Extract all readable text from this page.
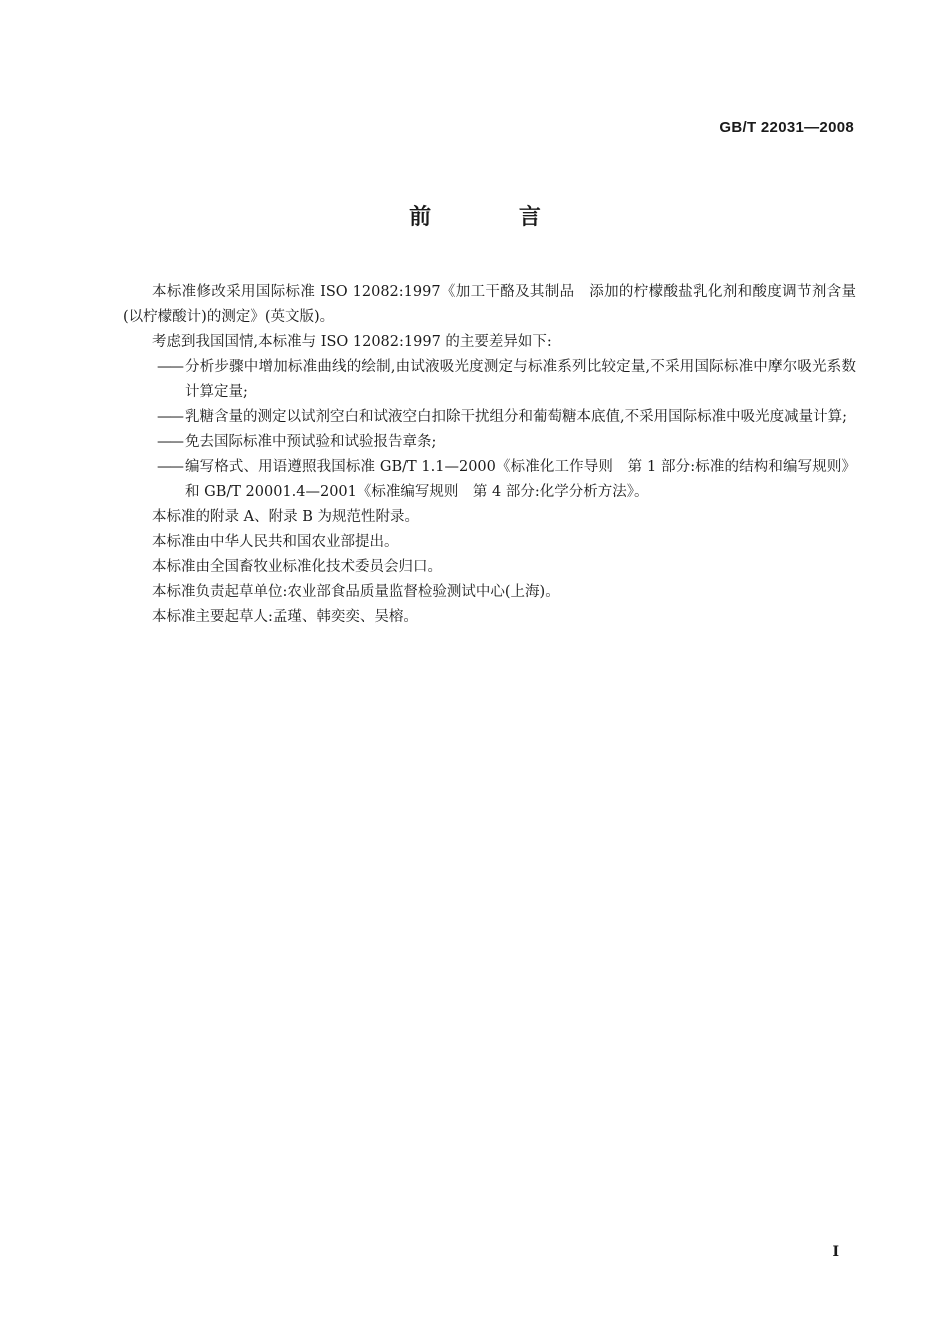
GB/T 22031—2008
前 言

本标准修改采用国际标准 ISO 12082:1997《加工干酪及其制品　添加的柠檬酸盐乳化剂和酸度调节剂含量(以柠檬酸计)的测定》(英文版)。

考虑到我国国情,本标准与 ISO 12082:1997 的主要差异如下:

—— 分析步骤中增加标准曲线的绘制,由试液吸光度测定与标准系列比较定量,不采用国际标准中摩尔吸光系数计算定量;
—— 乳糖含量的测定以试剂空白和试液空白扣除干扰组分和葡萄糖本底值,不采用国际标准中吸光度减量计算;
—— 免去国际标准中预试验和试验报告章条;
—— 编写格式、用语遵照我国标准 GB/T 1.1—2000《标准化工作导则　第 1 部分:标准的结构和编写规则》和 GB/T 20001.4—2001《标准编写规则　第 4 部分:化学分析方法》。

本标准的附录 A、附录 B 为规范性附录。

本标准由中华人民共和国农业部提出。

本标准由全国畜牧业标准化技术委员会归口。

本标准负责起草单位:农业部食品质量监督检验测试中心(上海)。

本标准主要起草人:孟瑾、韩奕奕、吴榕。

I
